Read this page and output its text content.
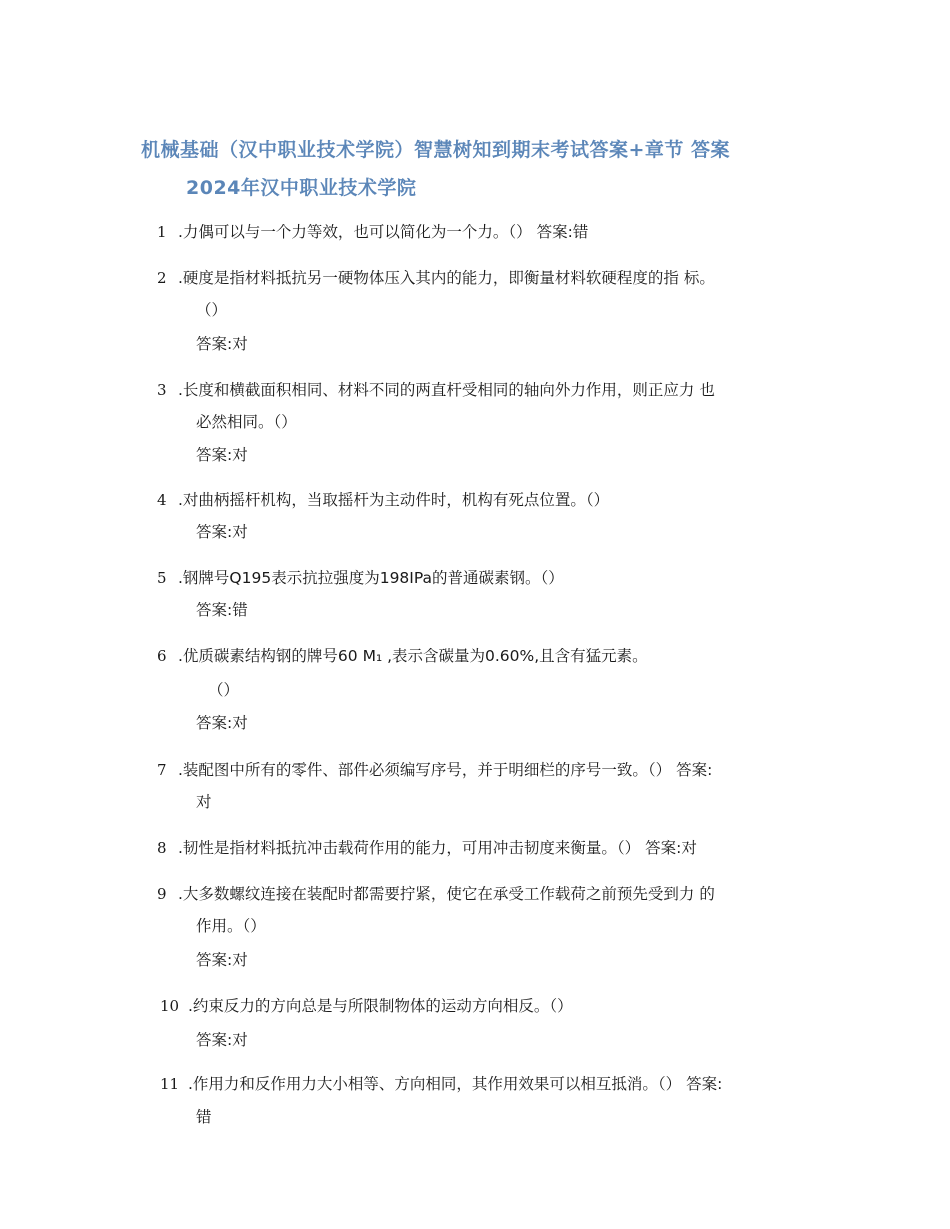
机械基础（汉中职业技术学院）智慧树知到期末考试答案+章节 答案
2024年汉中职业技术学院
1 .力偶可以与一个力等效，也可以简化为一个力。（） 答案:错
2 .硬度是指材料抵抗另一硬物体压入其内的能力，即衡量材料软硬程度的指 标。
（）
答案:对
3 .长度和横截面积相同、材料不同的两直杆受相同的轴向外力作用，则正应力 也
必然相同。（）
答案:对
4 .对曲柄摇杆机构，当取摇杆为主动件时，机构有死点位置。（）
答案:对
5 .钢牌号Q195表示抗拉强度为198IPa的普通碳素钢。（）
答案:错
6 .优质碳素结构钢的牌号60 M₁ ,表示含碳量为0.60%,且含有猛元素。
（）
答案:对
7 .装配图中所有的零件、部件必须编写序号，并于明细栏的序号一致。（） 答案:
对
8 .韧性是指材料抵抗冲击载荷作用的能力，可用冲击韧度来衡量。（） 答案:对
9 .大多数螺纹连接在装配时都需要拧紧，使它在承受工作载荷之前预先受到力 的
作用。（）
答案:对
10 .约束反力的方向总是与所限制物体的运动方向相反。（）
答案:对
11 .作用力和反作用力大小相等、方向相同，其作用效果可以相互抵消。（） 答案:
错
